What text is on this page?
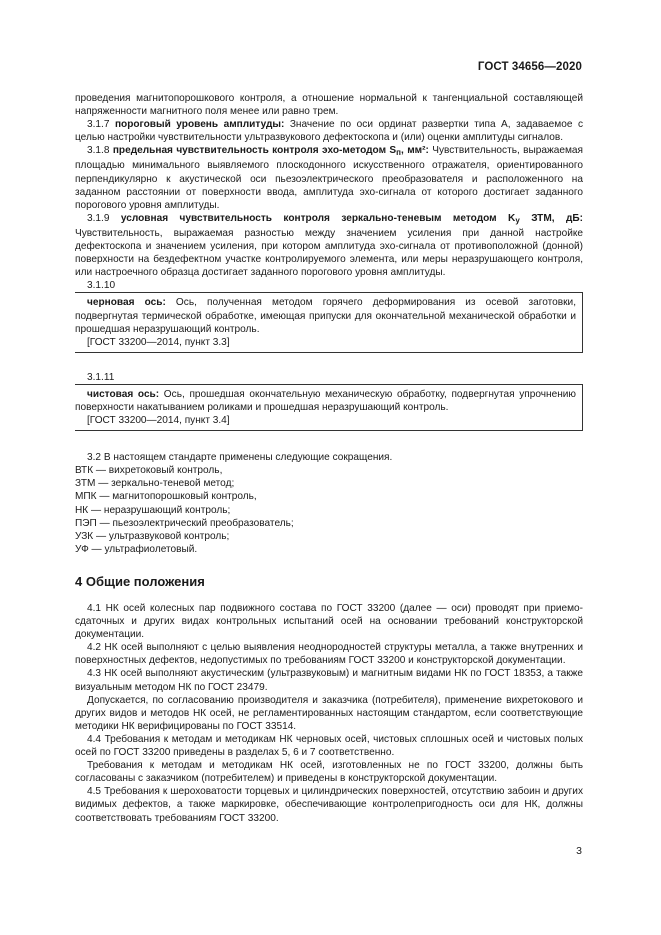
ГОСТ 34656—2020

проведения магнитопорошкового контроля, а отношение нормальной к тангенциальной составляющей напряженности магнитного поля менее или равно трем.

3.1.7 пороговый уровень амплитуды: Значение по оси ординат развертки типа А, задаваемое с целью настройки чувствительности ультразвукового дефектоскопа и (или) оценки амплитуды сигналов.

3.1.8 предельная чувствительность контроля эхо-методом $S_п$, мм²: Чувствительность, выражаемая площадью минимального выявляемого плоскодонного искусственного отражателя, ориентированного перпендикулярно к акустической оси пьезоэлектрического преобразователя и расположенного на заданном расстоянии от поверхности ввода, амплитуда эхо-сигнала от которого достигает заданного порогового уровня амплитуды.

3.1.9 условная чувствительность контроля зеркально-теневым методом $K_у$ ЗТМ, дБ: Чувствительность, выражаемая разностью между значением усиления при данной настройке дефектоскопа и значением усиления, при котором амплитуда эхо-сигнала от противоположной (донной) поверхности на бездефектном участке контролируемого элемента, или меры неразрушающего контроля, или настроечного образца достигает заданного порогового уровня амплитуды.

3.1.10

черновая ось: Ось, полученная методом горячего деформирования из осевой заготовки, подвергнутая термической обработке, имеющая припуски для окончательной механической обработки и прошедшая неразрушающий контроль.

[ГОСТ 33200—2014, пункт 3.3]

3.1.11

чистовая ось: Ось, прошедшая окончательную механическую обработку, подвергнутая упрочнению поверхности накатыванием роликами и прошедшая неразрушающий контроль.

[ГОСТ 33200—2014, пункт 3.4]

3.2 В настоящем стандарте применены следующие сокращения.

ВТК — вихретоковый контроль,
ЗТМ — зеркально-теневой метод;
МПК — магнитопорошковый контроль,
НК — неразрушающий контроль;
ПЭП — пьезоэлектрический преобразователь;
УЗК — ультразвуковой контроль;
УФ — ультрафиолетовый.
4 Общие положения

4.1 НК осей колесных пар подвижного состава по ГОСТ 33200 (далее — оси) проводят при приемо-сдаточных и других видах контрольных испытаний осей на основании требований конструкторской документации.

4.2 НК осей выполняют с целью выявления неоднородностей структуры металла, а также внутренних и поверхностных дефектов, недопустимых по требованиям ГОСТ 33200 и конструкторской документации.

4.3 НК осей выполняют акустическим (ультразвуковым) и магнитным видами НК по ГОСТ 18353, а также визуальным методом НК по ГОСТ 23479.

Допускается, по согласованию производителя и заказчика (потребителя), применение вихретокового и других видов и методов НК осей, не регламентированных настоящим стандартом, если соответствующие методики НК верифицированы по ГОСТ 33514.

4.4 Требования к методам и методикам НК черновых осей, чистовых сплошных осей и чистовых полых осей по ГОСТ 33200 приведены в разделах 5, 6 и 7 соответственно.

Требования к методам и методикам НК осей, изготовленных не по ГОСТ 33200, должны быть согласованы с заказчиком (потребителем) и приведены в конструкторской документации.

4.5 Требования к шероховатости торцевых и цилиндрических поверхностей, отсутствию забоин и других видимых дефектов, а также маркировке, обеспечивающие контролепригодность оси для НК, должны соответствовать требованиям ГОСТ 33200.

3
